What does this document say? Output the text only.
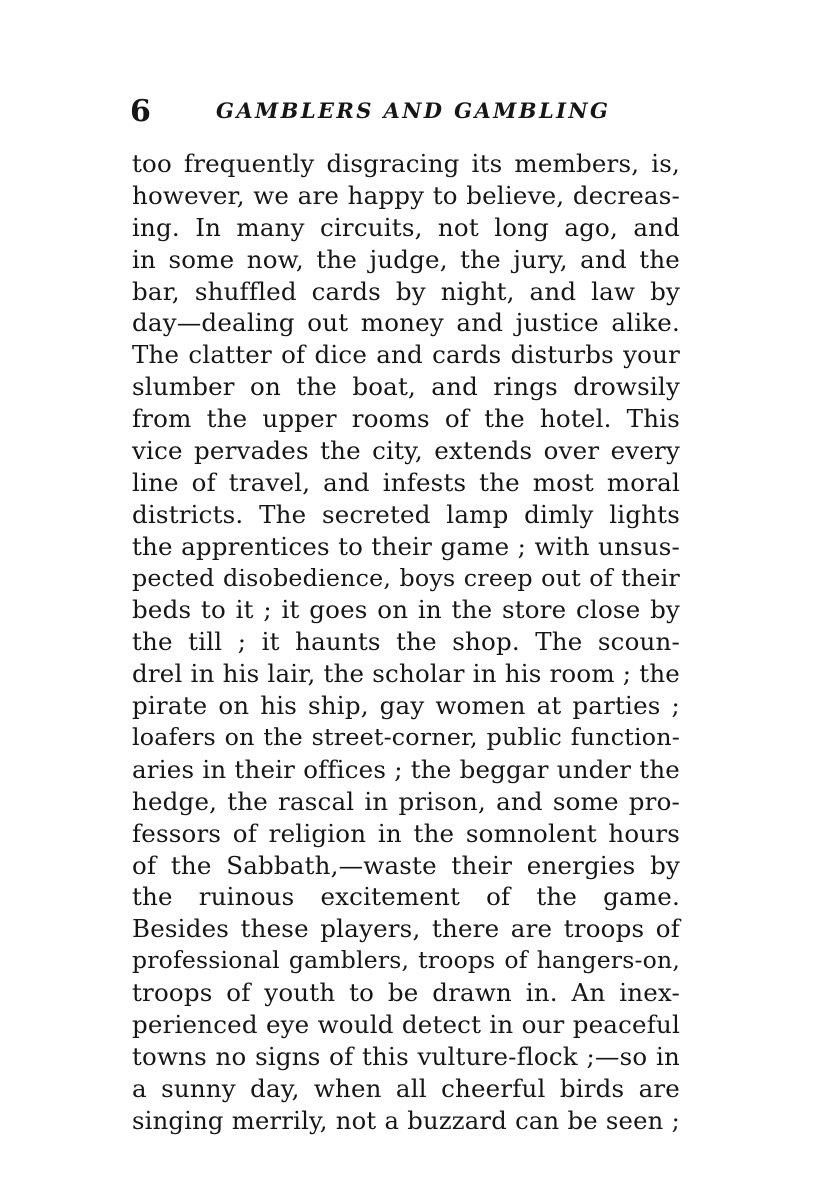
6	GAMBLERS AND GAMBLING
too frequently disgracing its members, is,
however, we are happy to believe, decreas-
ing. In many circuits, not long ago, and
in some now, the judge, the jury, and the
bar, shuffled cards by night, and law by
day—dealing out money and justice alike.
The clatter of dice and cards disturbs your
slumber on the boat, and rings drowsily
from the upper rooms of the hotel. This
vice pervades the city, extends over every
line of travel, and infests the most moral
districts. The secreted lamp dimly lights
the apprentices to their game ; with unsus-
pected disobedience, boys creep out of their
beds to it ; it goes on in the store close by
the till ; it haunts the shop. The scoun-
drel in his lair, the scholar in his room ; the
pirate on his ship, gay women at parties ;
loafers on the street-corner, public function-
aries in their offices ; the beggar under the
hedge, the rascal in prison, and some pro-
fessors of religion in the somnolent hours
of the Sabbath,—waste their energies by
the ruinous excitement of the game.
Besides these players, there are troops of
professional gamblers, troops of hangers-on,
troops of youth to be drawn in. An inex-
perienced eye would detect in our peaceful
towns no signs of this vulture-flock ;—so in
a sunny day, when all cheerful birds are
singing merrily, not a buzzard can be seen ;
